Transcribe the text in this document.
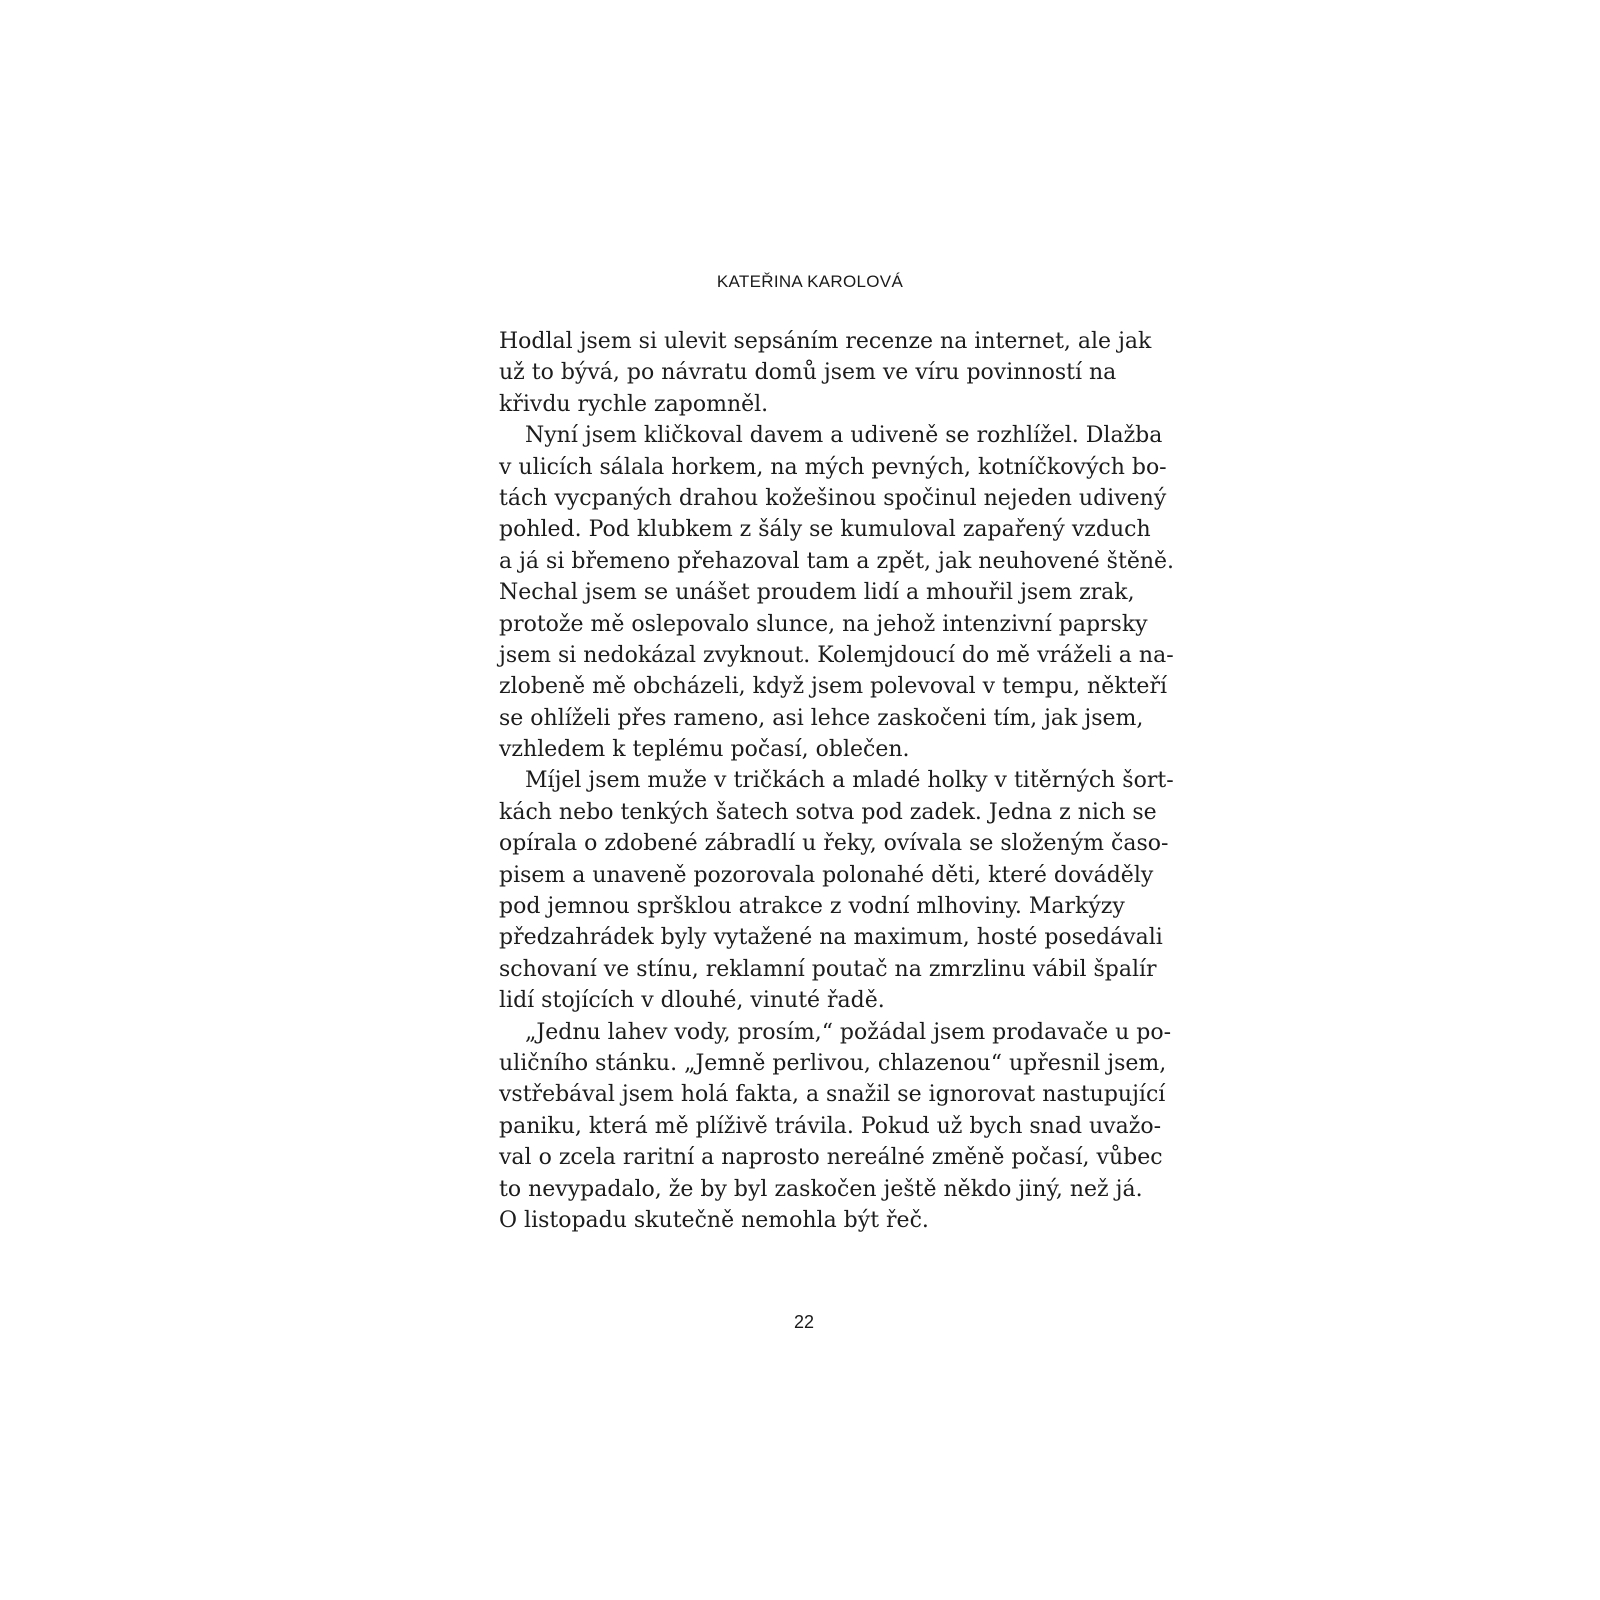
KATEŘINA KAROLOVÁ
Hodlal jsem si ulevit sepsáním recenze na internet, ale jak
už to bývá, po návratu domů jsem ve víru povinností na
křivdu rychle zapomněl.
Nyní jsem kličkoval davem a udiveně se rozhlížel. Dlažba
v ulicích sálala horkem, na mých pevných, kotníčkových bo-
tách vycpaných drahou kožešinou spočinul nejeden udivený
pohled. Pod klubkem z šály se kumuloval zapařený vzduch
a já si břemeno přehazoval tam a zpět, jak neuhovené štěně.
Nechal jsem se unášet proudem lidí a mhouřil jsem zrak,
protože mě oslepovalo slunce, na jehož intenzivní paprsky
jsem si nedokázal zvyknout. Kolemjdoucí do mě vráželi a na-
zlobeně mě obcházeli, když jsem polevoval v tempu, někteří
se ohlíželi přes rameno, asi lehce zaskočeni tím, jak jsem,
vzhledem k teplému počasí, oblečen.
Míjel jsem muže v tričkách a mladé holky v titěrných šort-
kách nebo tenkých šatech sotva pod zadek. Jedna z nich se
opírala o zdobené zábradlí u řeky, ovívala se složeným časo-
pisem a unaveně pozorovala polonahé děti, které dováděly
pod jemnou spršklou atrakce z vodní mlhoviny. Markýzy
předzahrádek byly vytažené na maximum, hosté posedávali
schovaní ve stínu, reklamní poutač na zmrzlinu vábil špalír
lidí stojících v dlouhé, vinuté řadě.
„Jednu lahev vody, prosím,“ požádal jsem prodavače u po-
uličního stánku. „Jemně perlivou, chlazenou“ upřesnil jsem,
vstřebával jsem holá fakta, a snažil se ignorovat nastupující
paniku, která mě plíživě trávila. Pokud už bych snad uvažo-
val o zcela raritní a naprosto nereálné změně počasí, vůbec
to nevypadalo, že by byl zaskočen ještě někdo jiný, než já.
O listopadu skutečně nemohla být řeč.
22
